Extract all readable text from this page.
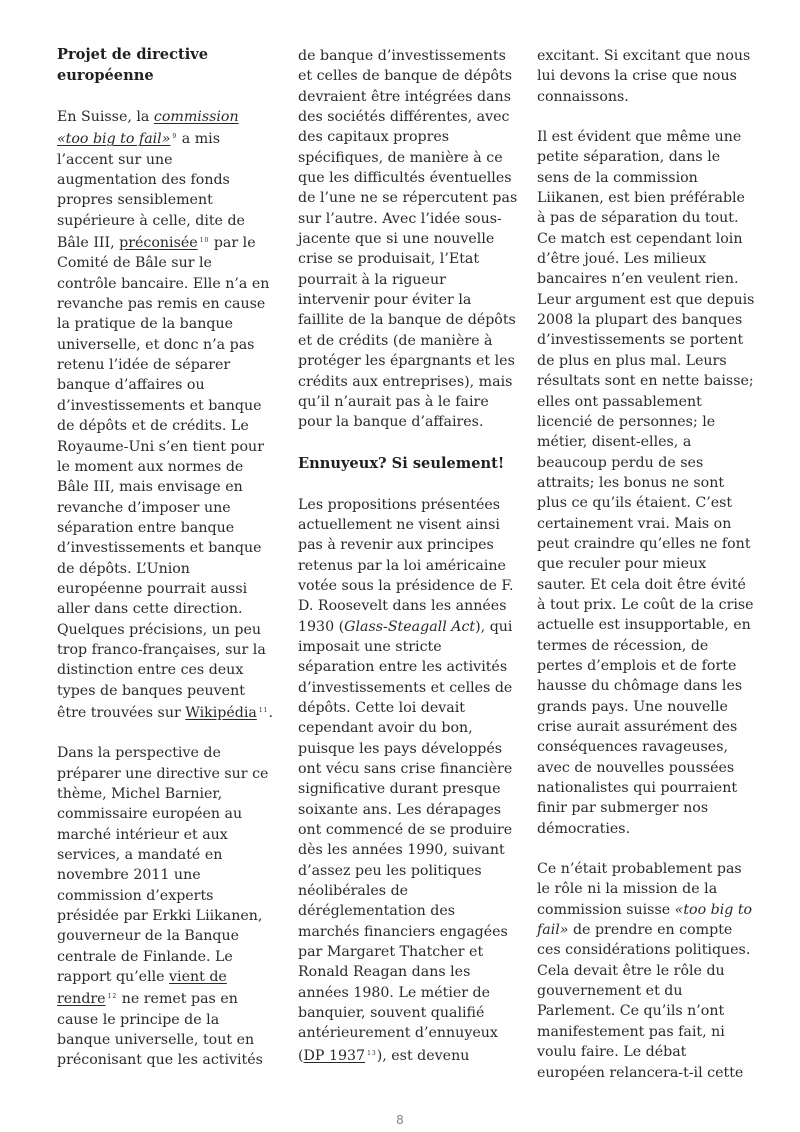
Projet de directive européenne

En Suisse, la commission «too big to fail» $^9$ a mis l’accent sur une augmentation des fonds propres sensiblement supérieure à celle, dite de Bâle III, préconisée $^{10}$ par le Comité de Bâle sur le contrôle bancaire. Elle n’a en revanche pas remis en cause la pratique de la banque universelle, et donc n’a pas retenu l’idée de séparer banque d’affaires ou d’investissements et banque de dépôts et de crédits. Le Royaume-Uni s’en tient pour le moment aux normes de Bâle III, mais envisage en revanche d’imposer une séparation entre banque d’investissements et banque de dépôts. L’Union européenne pourrait aussi aller dans cette direction. Quelques précisions, un peu trop franco-françaises, sur la distinction entre ces deux types de banques peuvent être trouvées sur Wikipédia $^{11}$.

Dans la perspective de préparer une directive sur ce thème, Michel Barnier, commissaire européen au marché intérieur et aux services, a mandaté en novembre 2011 une commission d’experts présidée par Erkki Liikanen, gouverneur de la Banque centrale de Finlande. Le rapport qu’elle vient de rendre $^{12}$ ne remet pas en cause le principe de la banque universelle, tout en préconisant que les activités

de banque d’investissements et celles de banque de dépôts devraient être intégrées dans des sociétés différentes, avec des capitaux propres spécifiques, de manière à ce que les difficultés éventuelles de l’une ne se répercutent pas sur l’autre. Avec l’idée sous-jacente que si une nouvelle crise se produisait, l’Etat pourrait à la rigueur intervenir pour éviter la faillite de la banque de dépôts et de crédits (de manière à protéger les épargnants et les crédits aux entreprises), mais qu’il n’aurait pas à le faire pour la banque d’affaires.

Ennuyeux? Si seulement!

Les propositions présentées actuellement ne visent ainsi pas à revenir aux principes retenus par la loi américaine votée sous la présidence de F. D. Roosevelt dans les années 1930 (Glass-Steagall Act), qui imposait une stricte séparation entre les activités d’investissements et celles de dépôts. Cette loi devait cependant avoir du bon, puisque les pays développés ont vécu sans crise financière significative durant presque soixante ans. Les dérapages ont commencé de se produire dès les années 1990, suivant d’assez peu les politiques néolibérales de déréglementation des marchés financiers engagées par Margaret Thatcher et Ronald Reagan dans les années 1980. Le métier de banquier, souvent qualifié antérieurement d’ennuyeux (DP 1937 $^{13}$), est devenu

excitant. Si excitant que nous lui devons la crise que nous connaissons.

Il est évident que même une petite séparation, dans le sens de la commission Liikanen, est bien préférable à pas de séparation du tout. Ce match est cependant loin d’être joué. Les milieux bancaires n’en veulent rien. Leur argument est que depuis 2008 la plupart des banques d’investissements se portent de plus en plus mal. Leurs résultats sont en nette baisse; elles ont passablement licencié de personnes; le métier, disent-elles, a beaucoup perdu de ses attraits; les bonus ne sont plus ce qu’ils étaient. C’est certainement vrai. Mais on peut craindre qu’elles ne font que reculer pour mieux sauter. Et cela doit être évité à tout prix. Le coût de la crise actuelle est insupportable, en termes de récession, de pertes d’emplois et de forte hausse du chômage dans les grands pays. Une nouvelle crise aurait assurément des conséquences ravageuses, avec de nouvelles poussées nationalistes qui pourraient finir par submerger nos démocraties.

Ce n’était probablement pas le rôle ni la mission de la commission suisse «too big to fail» de prendre en compte ces considérations politiques. Cela devait être le rôle du gouvernement et du Parlement. Ce qu’ils n’ont manifestement pas fait, ni voulu faire. Le débat européen relancera-t-il cette

8
